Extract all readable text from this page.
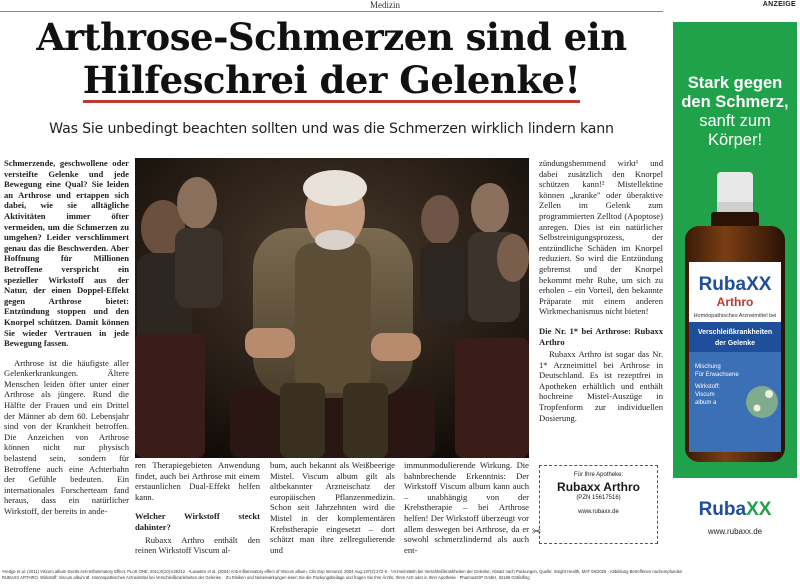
Medizin	ANZEIGE
Arthrose-Schmerzen sind ein
Hilfeschrei der Gelenke!
Was Sie unbedingt beachten sollten und was die Schmerzen wirklich lindern kann

Schmerzende, geschwollene oder versteifte Gelenke und jede Bewegung eine Qual? Sie leiden an Arthrose und ertappen sich dabei, wie sie alltägliche Aktivitäten immer öfter vermeiden, um die Schmerzen zu umgehen? Leider verschlimmert genau das die Beschwerden. Aber Hoffnung für Millionen Betroffene verspricht ein spezieller Wirkstoff aus der Natur, der einen Doppel-Effekt gegen Arthrose bietet: Entzündung stoppen und den Knorpel schützen. Damit können Sie wieder Vertrauen in jede Bewegung fassen.

Arthrose ist die häufigste aller Gelenkerkrankungen. Ältere Menschen leiden öfter unter einer Arthrose als jüngere. Rund die Hälfte der Frauen und ein Drittel der Männer ab dem 60. Lebensjahr sind von der Krankheit betroffen. Die Anzeichen von Arthrose können nicht nur physisch belastend sein, sondern für Betroffene auch eine Achterbahn der Gefühle bedeuten. Ein internationales Forscherteam fand heraus, dass ein natürlicher Wirkstoff, der bereits in ande-

ren Therapiegebieten Anwendung findet, auch bei Arthrose mit einem erstaunlichen Dual-Effekt helfen kann.

Welcher Wirkstoff steckt dahinter?

Rubaxx Arthro enthält den reinen Wirkstoff Viscum al-

bum, auch bekannt als Weißbeerige Mistel. Viscum album gilt als altbekannter Arzneischatz der europäischen Pflanzenmedizin. Schon seit Jahrzehnten wird die Mistel in der komplementären Krebstherapie eingesetzt – dort schätzt man ihre zellregulierende und

immunmodulierende Wirkung. Die bahnbrechende Erkenntnis: Der Wirkstoff Viscum album kann auch – unabhängig von der Krebstherapie – bei Arthrose helfen! Der Wirkstoff überzeugt vor allem deswegen bei Arthrose, da er sowohl schmerzlindernd als auch ent-

zündungshemmend wirkt¹ und dabei zusätzlich den Knorpel schützen kann!² Mistellektine können „kranke" oder überaktive Zellen im Gelenk zum programmierten Zelltod (Apoptose) anregen. Dies ist ein natürlicher Selbstreinigungsprozess, der entzündliche Schäden im Knorpel reduziert. So wird die Entzündung gebremst und der Knorpel bekommt mehr Ruhe, um sich zu erholen – ein Vorteil, den bekannte Präparate mit einem anderen Wirkmechanismus nicht bieten!

Die Nr. 1* bei Arthrose: Rubaxx Arthro

Rubaxx Arthro ist sogar das Nr. 1* Arzneimittel bei Arthrose in Deutschland. Es ist rezeptfrei in Apotheken erhältlich und enthält hochreine Mistel-Auszüge in Tropfenform zur individuellen Dosierung.

Für Ihre Apotheke:
Rubaxx Arthro
(PZN 15617516)
www.rubaxx.de
✂
¹Hedge et al. (2011) Viscum album Exerts Anti-Inflammatory Effect. PLoS ONE. 2011;6(10):e26312 · ²Lavastre et al. (2004) Anti-inflammatory effect of Viscum album. Clin Exp Immunol. 2004 Aug;137(2):272-8 · *Arzneimitteln bei Verschleißkrankheiten der Gelenke; Absatz nach Packungen, Quelle: Insight Health, MAT 08/2025 · Abbildung Betroffenen nachempfunden
RUBAXX ARTHRO. Wirkstoff: Viscum album Ø. Homöopathisches Arzneimittel bei Verschleißkrankheiten der Gelenke. · Zu Risiken und Nebenwirkungen lesen Sie die Packungsbeilage und fragen Sie Ihre Ärztin, Ihren Arzt oder in Ihrer Apotheke · PharmaSGP GmbH, 82166 Gräfelfing
Stark gegen
den Schmerz,
sanft zum
Körper!
RubaXX
Arthro
Homöopathisches Arzneimittel bei
Verschleißkrankheiten
der Gelenke
Mischung
Für Erwachsene
Wirkstoff:
Viscum
album a
RubaXX
www.rubaxx.de
